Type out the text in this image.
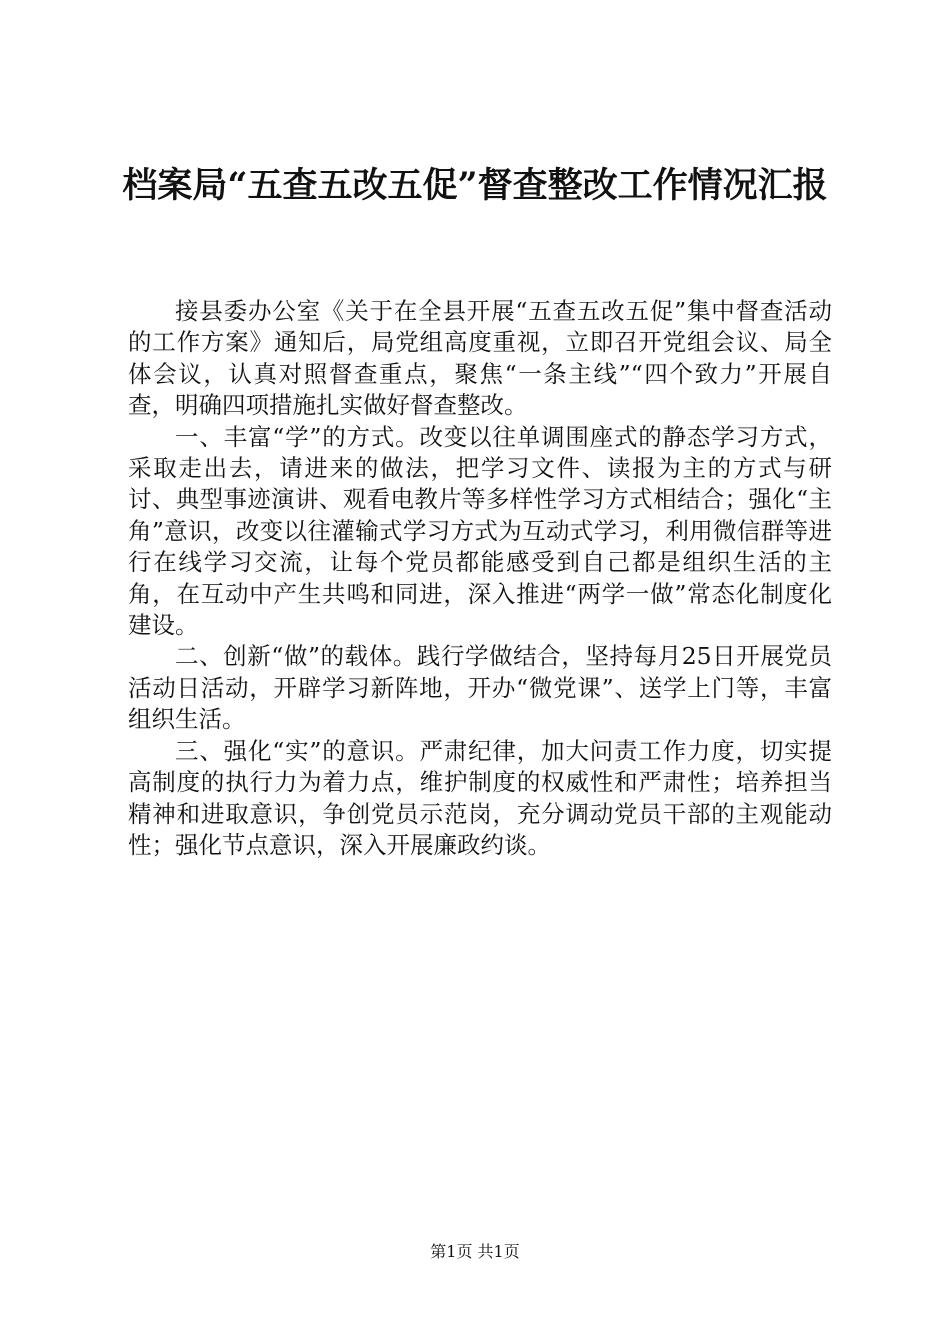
档案局“五查五改五促”督查整改工作情况汇报

接县委办公室《关于在全县开展“五查五改五促”集中督查活动的工作方案》通知后，局党组高度重视，立即召开党组会议、局全体会议，认真对照督查重点，聚焦“一条主线”“四个致力”开展自查，明确四项措施扎实做好督查整改。

一、丰富“学”的方式。改变以往单调围座式的静态学习方式，采取走出去，请进来的做法，把学习文件、读报为主的方式与研讨、典型事迹演讲、观看电教片等多样性学习方式相结合；强化“主角”意识，改变以往灌输式学习方式为互动式学习，利用微信群等进行在线学习交流，让每个党员都能感受到自己都是组织生活的主角，在互动中产生共鸣和同进，深入推进“两学一做”常态化制度化建设。

二、创新“做”的载体。践行学做结合，坚持每月25日开展党员活动日活动，开辟学习新阵地，开办“微党课”、送学上门等，丰富组织生活。

三、强化“实”的意识。严肃纪律，加大问责工作力度，切实提高制度的执行力为着力点，维护制度的权威性和严肃性；培养担当精神和进取意识，争创党员示范岗，充分调动党员干部的主观能动性；强化节点意识，深入开展廉政约谈。

第1页 共1页
